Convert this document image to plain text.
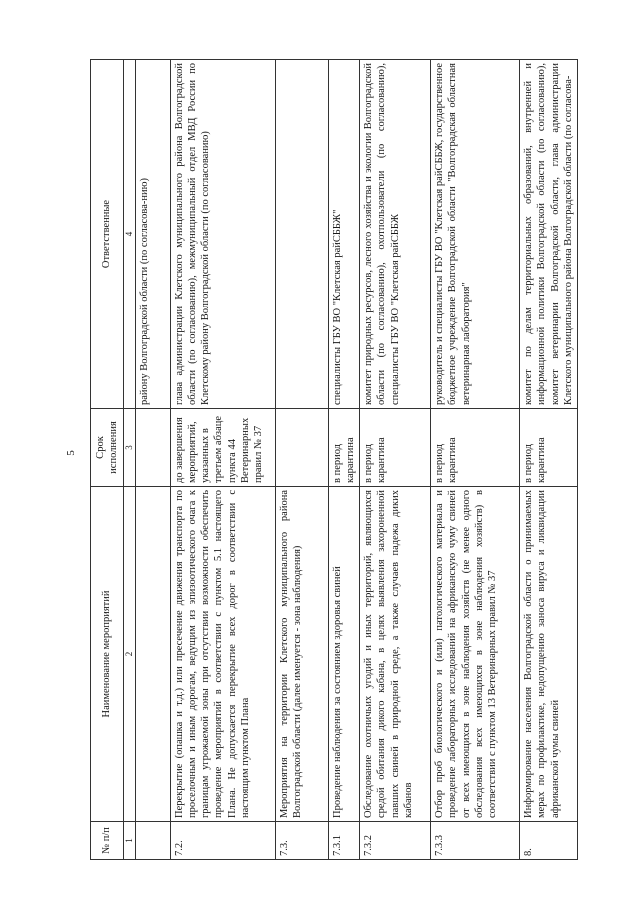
5
№ п/п	Наименование мероприятий	Срок исполнения	Ответственные
1	2	3	4
			району Волгоградской области (по согласова-нию)
7.2.	Перекрытие (опашка и т.д.) или пресечение движения транспорта по проселочным и иным дорогам, ведущим из эпизоотического очага к границам угрожаемой зоны при отсутствии возможности обеспечить проведение мероприятий в соответствии с пунктом 5.1 настоящего Плана. Не допускается перекрытие всех дорог в соответствии с настоящим пунктом Плана	до завершения мероприятий, указанных в третьем абзаце пункта 44 Ветеринарных правил № 37	глава администрации Клетского муниципального района Волгоградской области (по согласованию), межмуниципальный отдел МВД России по Клетскому району Волгоградской области (по согласованию)
7.3.	Мероприятия на территории Клетского муниципального района Волгоградской области (далее именуется - зона наблюдения)		
7.3.1	Проведение наблюдения за состоянием здоровья свиней	в период карантина	специалисты ГБУ ВО "Клетская райСББЖ"
7.3.2	Обследование охотничьих угодий и иных территорий, являющихся средой обитания дикого кабана, в целях выявления захороненной павших свиней в природной среде, а также случаев падежа диких кабанов	в период карантина	комитет природных ресурсов, лесного хозяйства и экологии Волгоградской области (по согласованию), охотпользователи (по согласованию), специалисты ГБУ ВО "Клетская райСББЖ
7.3.3	Отбор проб биологического и (или) патологического материала и проведение лабораторных исследований на африканскую чуму свиней от всех имеющихся в зоне наблюдения хозяйств (не менее одного обследования всех имеющихся в зоне наблюдения хозяйств) в соответствии с пунктом 13 Ветеринарных правил № 37	в период карантина	руководитель и специалисты ГБУ ВО "Клетская райСББЖ, государственное бюджетное учреждение Волгоградской области "Волгоградская областная ветеринарная лаборатория"
8.	Информирование населения Волгоградской области о принимаемых мерах по профилактике, недопущению заноса вируса и ликвидации африканской чумы свиней	в период карантина	комитет по делам территориальных образований, внутренней и информационной политики Волгоградской области (по согласованию), комитет ветеринарии Волгоградской области, глава администрации Клетского муниципального района Волгоградской области (по согласова-
